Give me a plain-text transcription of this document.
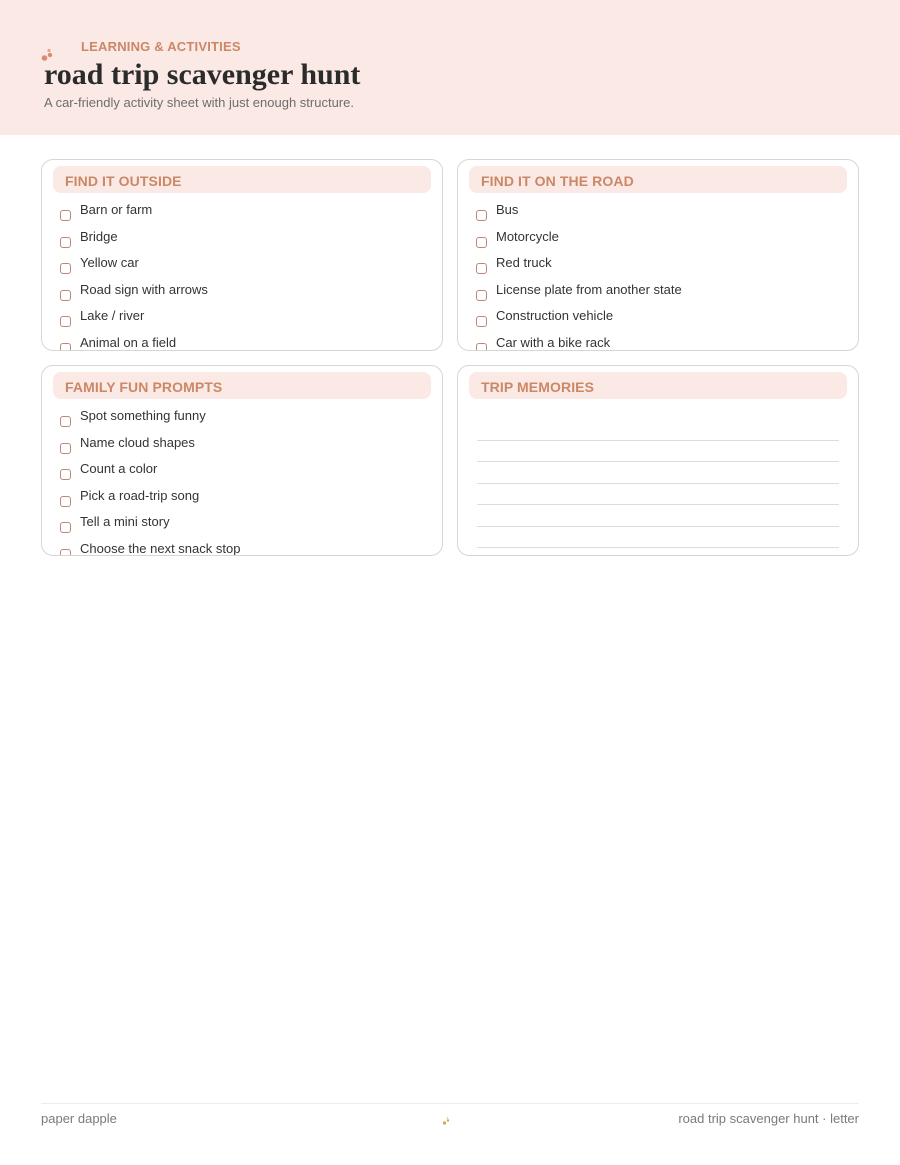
LEARNING & ACTIVITIES
road trip scavenger hunt
A car-friendly activity sheet with just enough structure.
FIND IT OUTSIDE
Barn or farm
Bridge
Yellow car
Road sign with arrows
Lake / river
Animal on a field
FIND IT ON THE ROAD
Bus
Motorcycle
Red truck
License plate from another state
Construction vehicle
Car with a bike rack
FAMILY FUN PROMPTS
Spot something funny
Name cloud shapes
Count a color
Pick a road-trip song
Tell a mini story
Choose the next snack stop
TRIP MEMORIES
paper dapple	road trip scavenger hunt · letter
